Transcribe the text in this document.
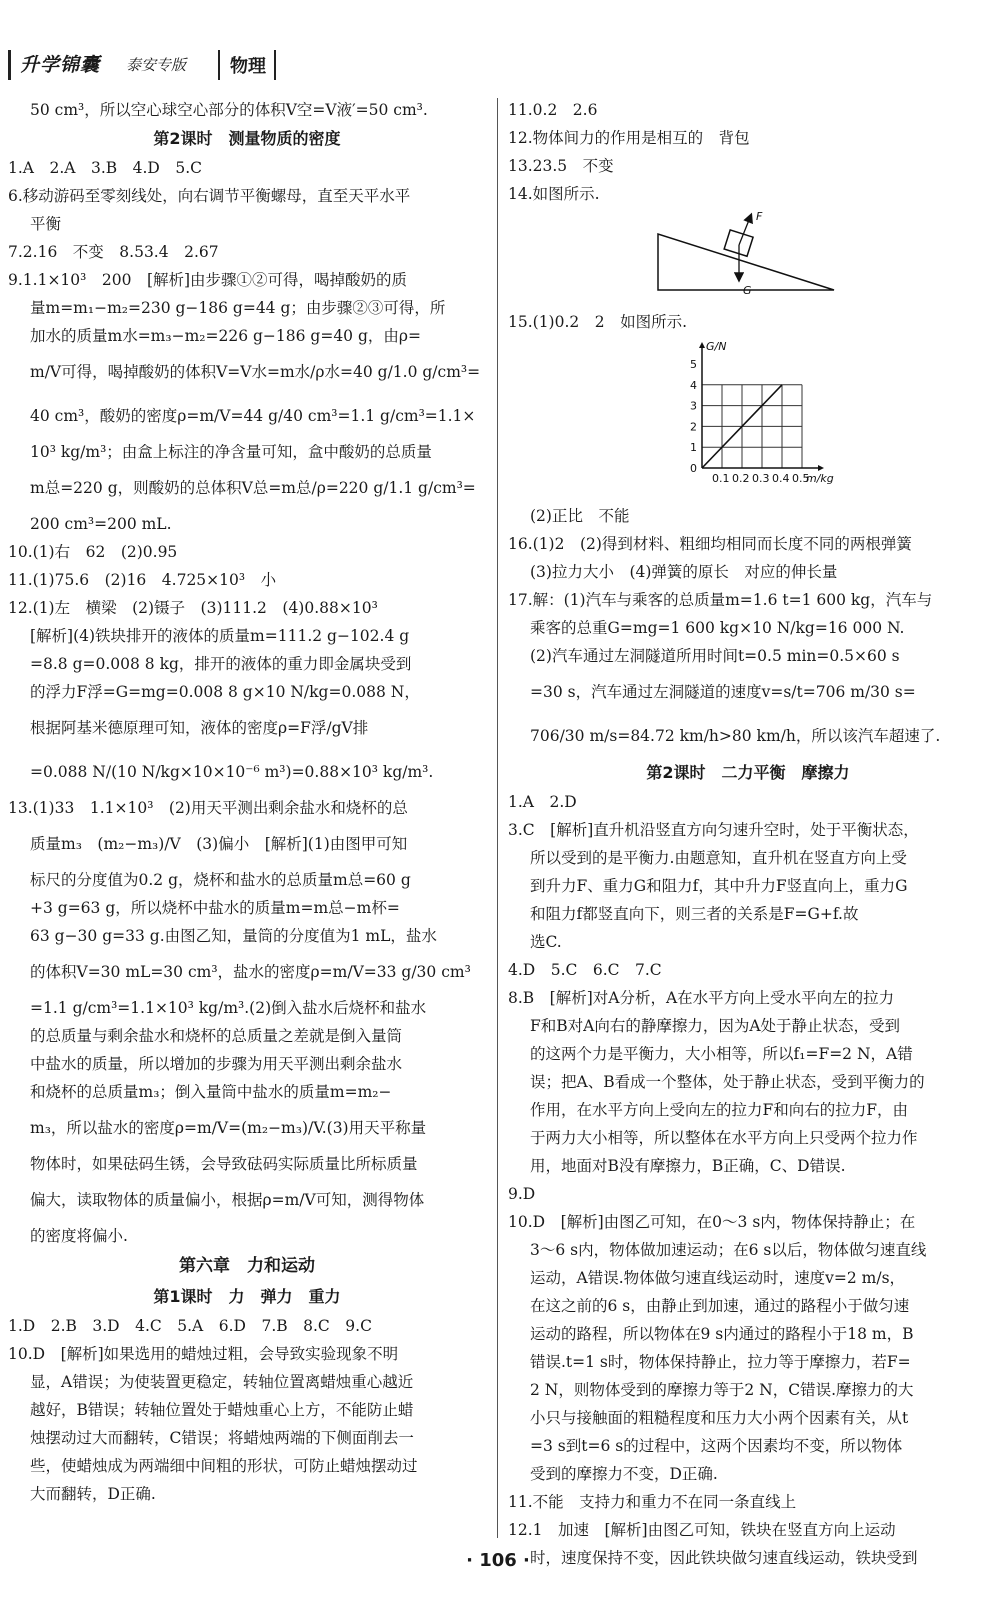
升学锦囊 泰安专版 物理
50 cm³，所以空心球空心部分的体积V空=V液′=50 cm³.
第2课时　测量物质的密度
1.A　2.A　3.B　4.D　5.C
6.移动游码至零刻线处，向右调节平衡螺母，直至天平水平
平衡
7.2.16　不变　8.53.4　2.67
9.1.1×10³　200　[解析]由步骤①②可得，喝掉酸奶的质
量m=m₁−m₂=230 g−186 g=44 g；由步骤②③可得，所
加水的质量m水=m₃−m₂=226 g−186 g=40 g，由ρ=
m/V可得，喝掉酸奶的体积V=V水=m水/ρ水=40 g/1.0 g/cm³=
40 cm³，酸奶的密度ρ=m/V=44 g/40 cm³=1.1 g/cm³=1.1×
10³ kg/m³；由盒上标注的净含量可知，盒中酸奶的总质量
m总=220 g，则酸奶的总体积V总=m总/ρ=220 g/1.1 g/cm³=
200 cm³=200 mL.
10.(1)右　62　(2)0.95
11.(1)75.6　(2)16　4.725×10³　小
12.(1)左　横梁　(2)镊子　(3)111.2　(4)0.88×10³
[解析](4)铁块排开的液体的质量m=111.2 g−102.4 g
=8.8 g=0.008 8 kg，排开的液体的重力即金属块受到
的浮力F浮=G=mg=0.008 8 g×10 N/kg=0.088 N，
根据阿基米德原理可知，液体的密度ρ=F浮/gV排
=0.088 N/(10 N/kg×10×10⁻⁶ m³)=0.88×10³ kg/m³.
13.(1)33　1.1×10³　(2)用天平测出剩余盐水和烧杯的总
质量m₃　(m₂−m₃)/V　(3)偏小　[解析](1)由图甲可知
标尺的分度值为0.2 g，烧杯和盐水的总质量m总=60 g
+3 g=63 g，所以烧杯中盐水的质量m=m总−m杯=
63 g−30 g=33 g.由图乙知，量筒的分度值为1 mL，盐水
的体积V=30 mL=30 cm³，盐水的密度ρ=m/V=33 g/30 cm³
=1.1 g/cm³=1.1×10³ kg/m³.(2)倒入盐水后烧杯和盐水
的总质量与剩余盐水和烧杯的总质量之差就是倒入量筒
中盐水的质量，所以增加的步骤为用天平测出剩余盐水
和烧杯的总质量m₃；倒入量筒中盐水的质量m=m₂−
m₃，所以盐水的密度ρ=m/V=(m₂−m₃)/V.(3)用天平称量
物体时，如果砝码生锈，会导致砝码实际质量比所标质量
偏大，读取物体的质量偏小，根据ρ=m/V可知，测得物体
的密度将偏小.
第六章　力和运动
第1课时　力　弹力　重力
1.D　2.B　3.D　4.C　5.A　6.D　7.B　8.C　9.C
10.D　[解析]如果选用的蜡烛过粗，会导致实验现象不明
显，A错误；为使装置更稳定，转轴位置离蜡烛重心越近
越好，B错误；转轴位置处于蜡烛重心上方，不能防止蜡
烛摆动过大而翻转，C错误；将蜡烛两端的下侧面削去一
些，使蜡烛成为两端细中间粗的形状，可防止蜡烛摆动过
大而翻转，D正确.
11.0.2　2.6
12.物体间力的作用是相互的　背包
13.23.5　不变
14.如图所示.
F
G
15.(1)0.2　2　如图所示.
0.1 0.2 0.3 0.4 0.5
1
2
3
4
5
0
G/N
m/kg
(2)正比　不能
16.(1)2　(2)得到材料、粗细均相同而长度不同的两根弹簧
(3)拉力大小　(4)弹簧的原长　对应的伸长量
17.解：(1)汽车与乘客的总质量m=1.6 t=1 600 kg，汽车与
乘客的总重G=mg=1 600 kg×10 N/kg=16 000 N.
(2)汽车通过左洞隧道所用时间t=0.5 min=0.5×60 s
=30 s，汽车通过左洞隧道的速度v=s/t=706 m/30 s=
706/30 m/s=84.72 km/h>80 km/h，所以该汽车超速了.
第2课时　二力平衡　摩擦力
1.A　2.D
3.C　[解析]直升机沿竖直方向匀速升空时，处于平衡状态，
所以受到的是平衡力.由题意知，直升机在竖直方向上受
到升力F、重力G和阻力f，其中升力F竖直向上，重力G
和阻力f都竖直向下，则三者的关系是F=G+f.故
选C.
4.D　5.C　6.C　7.C
8.B　[解析]对A分析，A在水平方向上受水平向左的拉力
F和B对A向右的静摩擦力，因为A处于静止状态，受到
的这两个力是平衡力，大小相等，所以f₁=F=2 N，A错
误；把A、B看成一个整体，处于静止状态，受到平衡力的
作用，在水平方向上受向左的拉力F和向右的拉力F，由
于两力大小相等，所以整体在水平方向上只受两个拉力作
用，地面对B没有摩擦力，B正确，C、D错误.
9.D
10.D　[解析]由图乙可知，在0～3 s内，物体保持静止；在
3～6 s内，物体做加速运动；在6 s以后，物体做匀速直线
运动，A错误.物体做匀速直线运动时，速度v=2 m/s，
在这之前的6 s，由静止到加速，通过的路程小于做匀速
运动的路程，所以物体在9 s内通过的路程小于18 m，B
错误.t=1 s时，物体保持静止，拉力等于摩擦力，若F=
2 N，则物体受到的摩擦力等于2 N，C错误.摩擦力的大
小只与接触面的粗糙程度和压力大小两个因素有关，从t
=3 s到t=6 s的过程中，这两个因素均不变，所以物体
受到的摩擦力不变，D正确.
11.不能　支持力和重力不在同一条直线上
12.1　加速　[解析]由图乙可知，铁块在竖直方向上运动
时，速度保持不变，因此铁块做匀速直线运动，铁块受到
· 106 ·
